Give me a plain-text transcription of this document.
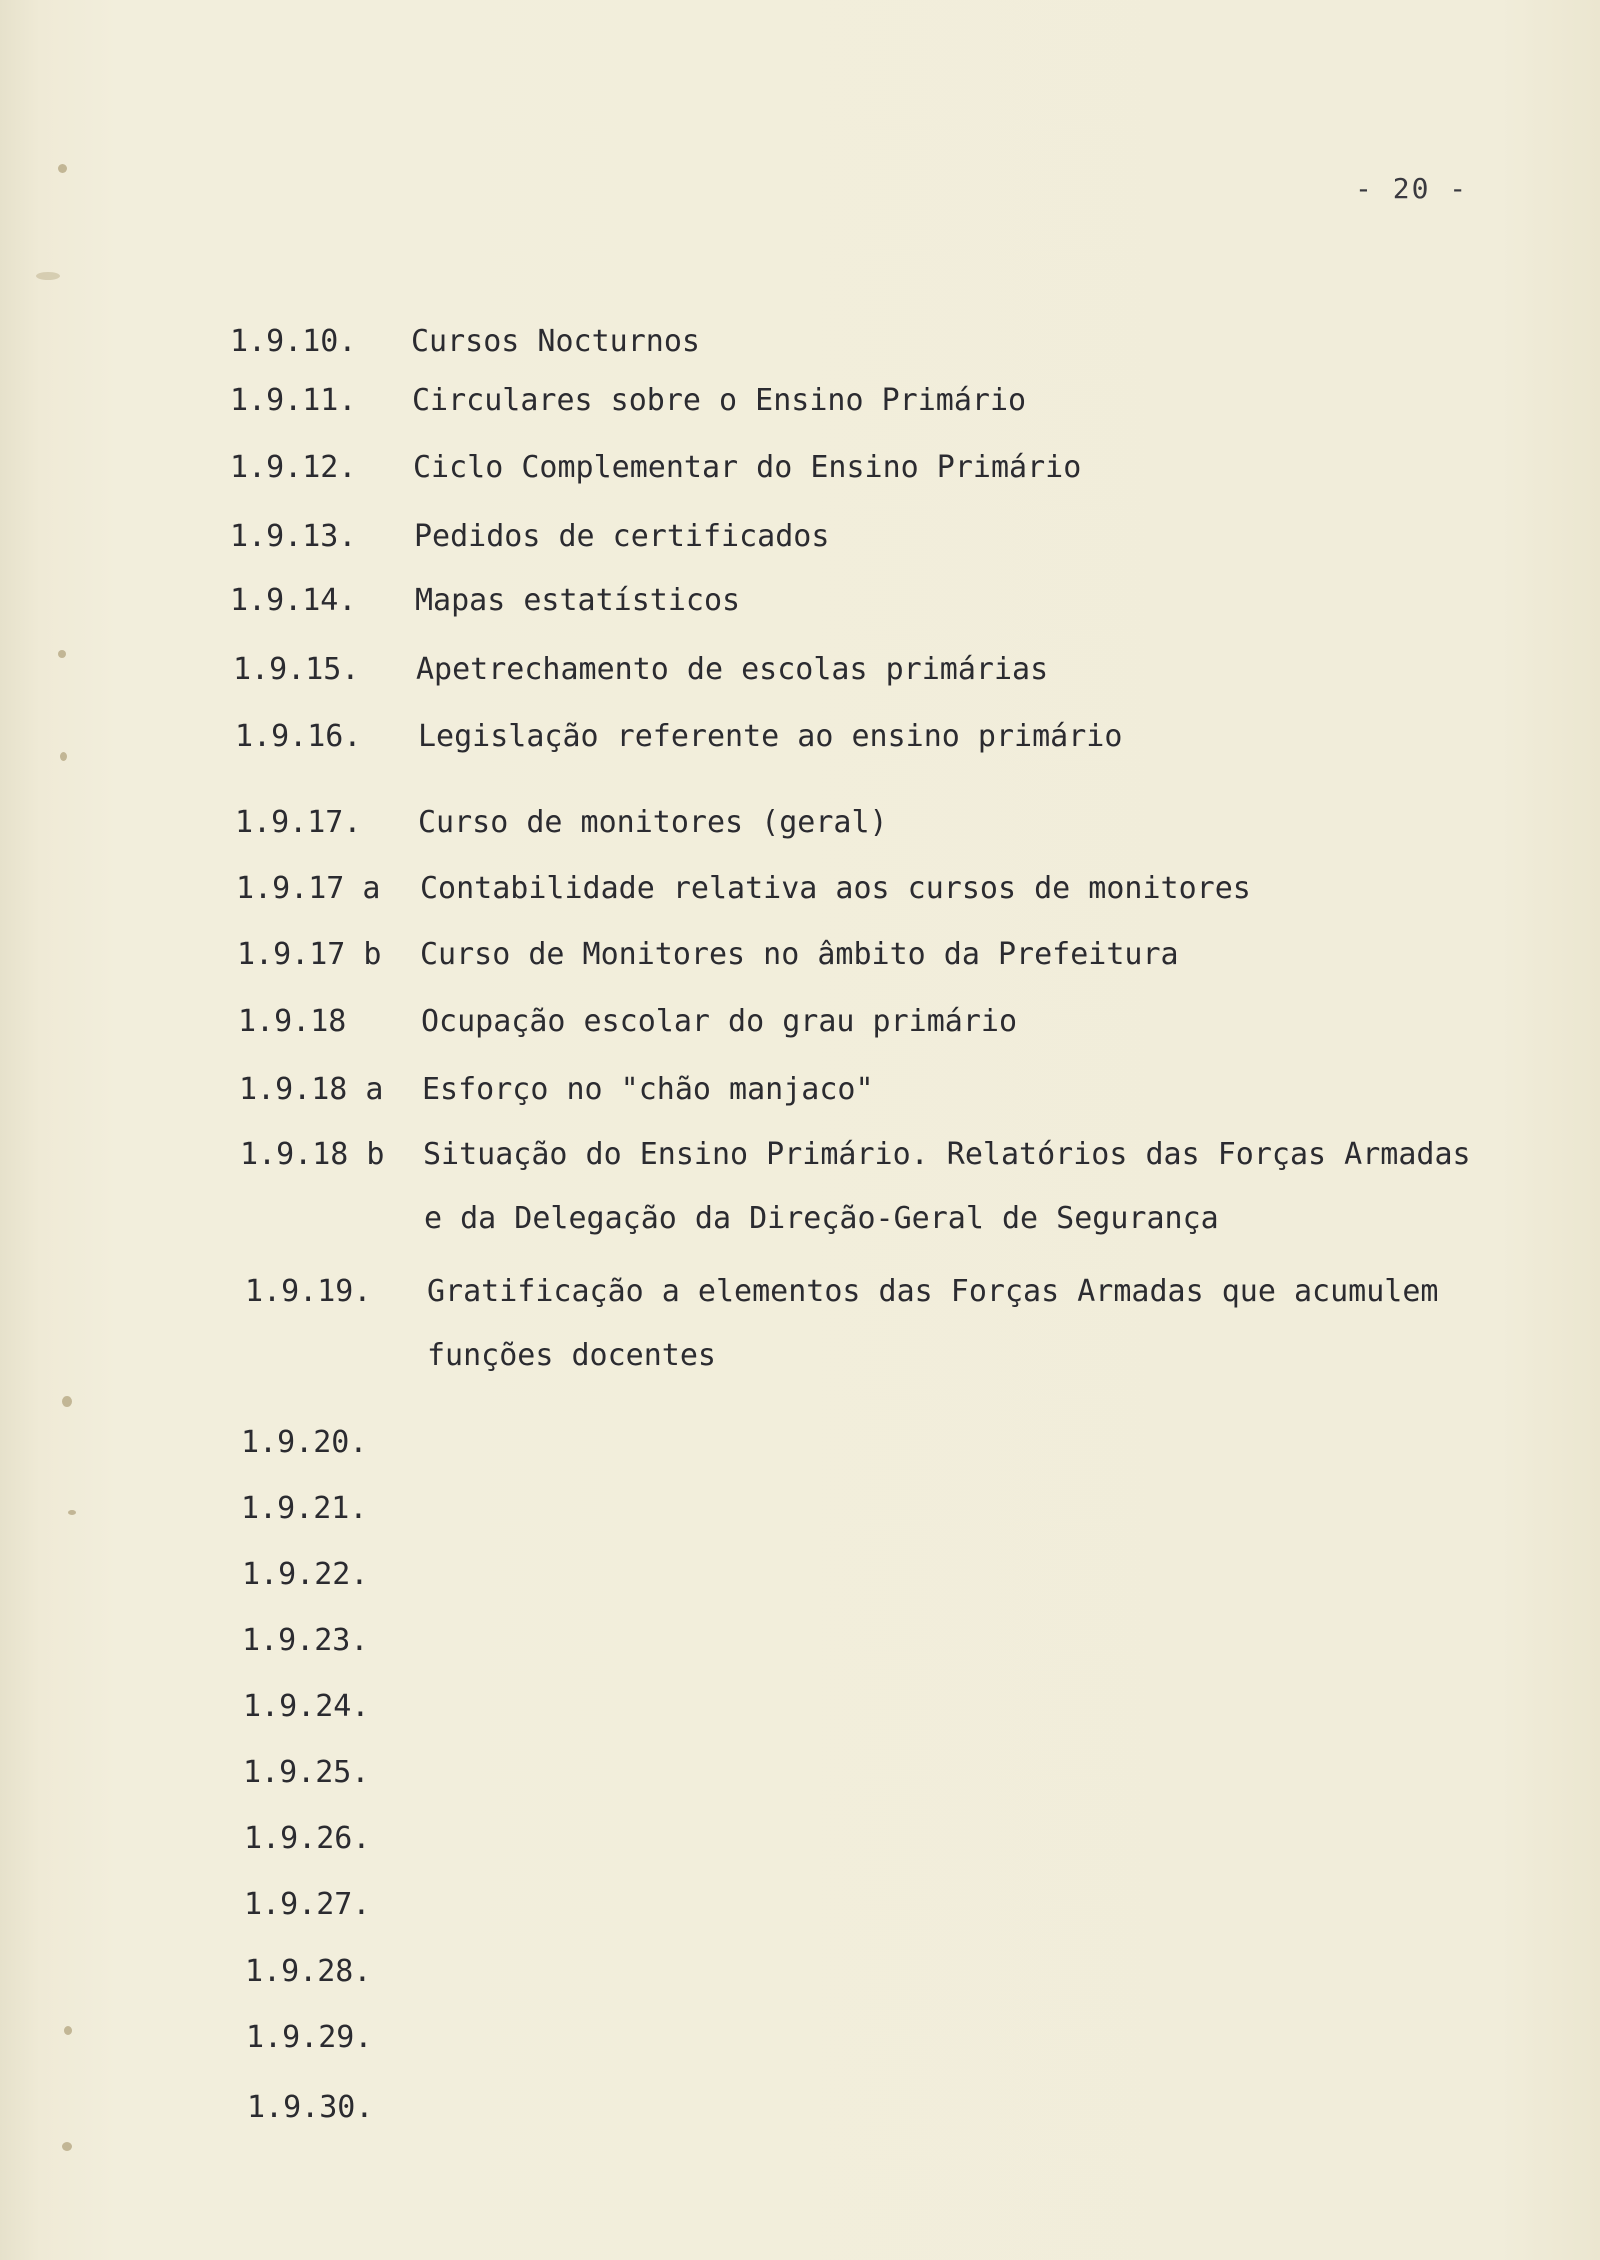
- 20 -
1.9.10. Cursos Nocturnos
1.9.11. Circulares sobre o Ensino Primário
1.9.12. Ciclo Complementar do Ensino Primário
1.9.13. Pedidos de certificados
1.9.14. Mapas estatísticos
1.9.15. Apetrechamento de escolas primárias
1.9.16. Legislação referente ao ensino primário
1.9.17. Curso de monitores (geral)
1.9.17 a Contabilidade relativa aos cursos de monitores
1.9.17 b Curso de Monitores no âmbito da Prefeitura
1.9.18 Ocupação escolar do grau primário
1.9.18 a Esforço no "chão manjaco"
1.9.18 b Situação do Ensino Primário. Relatórios das Forças Armadas
e da Delegação da Direção-Geral de Segurança
1.9.19. Gratificação a elementos das Forças Armadas que acumulem
funções docentes
1.9.20.
1.9.21.
1.9.22.
1.9.23.
1.9.24.
1.9.25.
1.9.26.
1.9.27.
1.9.28.
1.9.29.
1.9.30.
